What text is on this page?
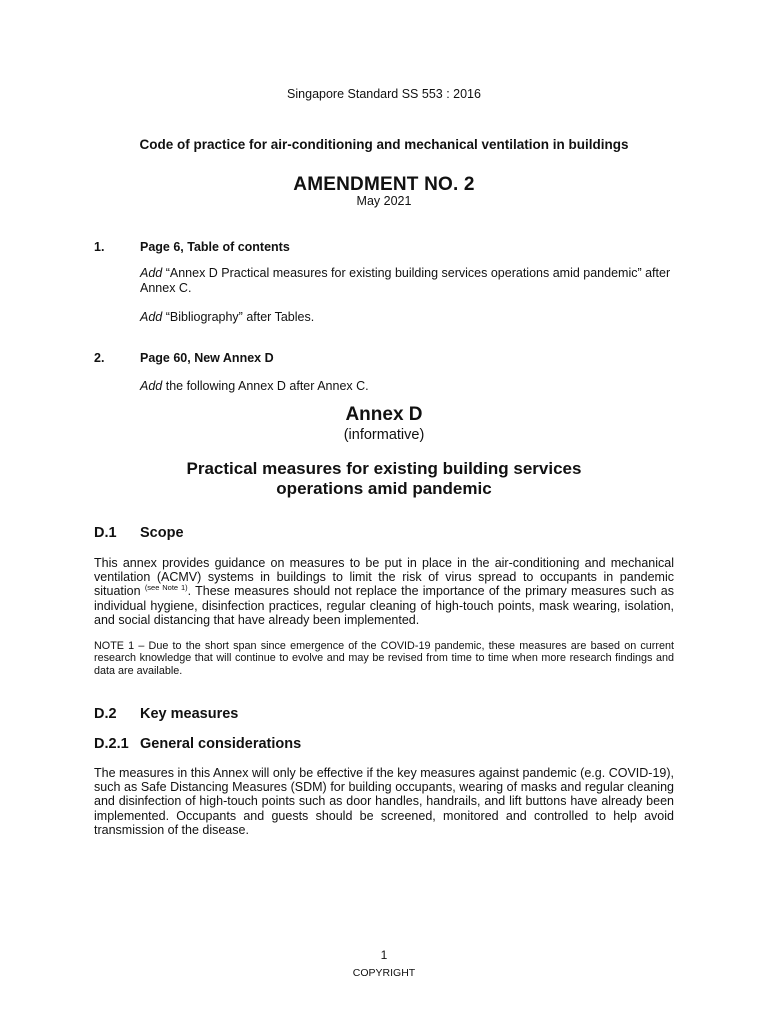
Singapore Standard SS 553 : 2016
Code of practice for air-conditioning and mechanical ventilation in buildings
AMENDMENT NO. 2
May 2021
1.	Page 6, Table of contents
Add “Annex D Practical measures for existing building services operations amid pandemic” after Annex C.
Add “Bibliography” after Tables.
2.	Page 60, New Annex D
Add the following Annex D after Annex C.
Annex D
(informative)
Practical measures for existing building services
operations amid pandemic
D.1 Scope
This annex provides guidance on measures to be put in place in the air-conditioning and mechanical ventilation (ACMV) systems in buildings to limit the risk of virus spread to occupants in pandemic situation $^{(see Note 1)}$. These measures should not replace the importance of the primary measures such as individual hygiene, disinfection practices, regular cleaning of high-touch points, mask wearing, isolation, and social distancing that have already been implemented.
NOTE 1 – Due to the short span since emergence of the COVID-19 pandemic, these measures are based on current research knowledge that will continue to evolve and may be revised from time to time when more research findings and data are available.
D.2 Key measures
D.2.1 General considerations
The measures in this Annex will only be effective if the key measures against pandemic (e.g. COVID-19), such as Safe Distancing Measures (SDM) for building occupants, wearing of masks and regular cleaning and disinfection of high-touch points such as door handles, handrails, and lift buttons have already been implemented. Occupants and guests should be screened, monitored and controlled to help avoid transmission of the disease.
1
COPYRIGHT
